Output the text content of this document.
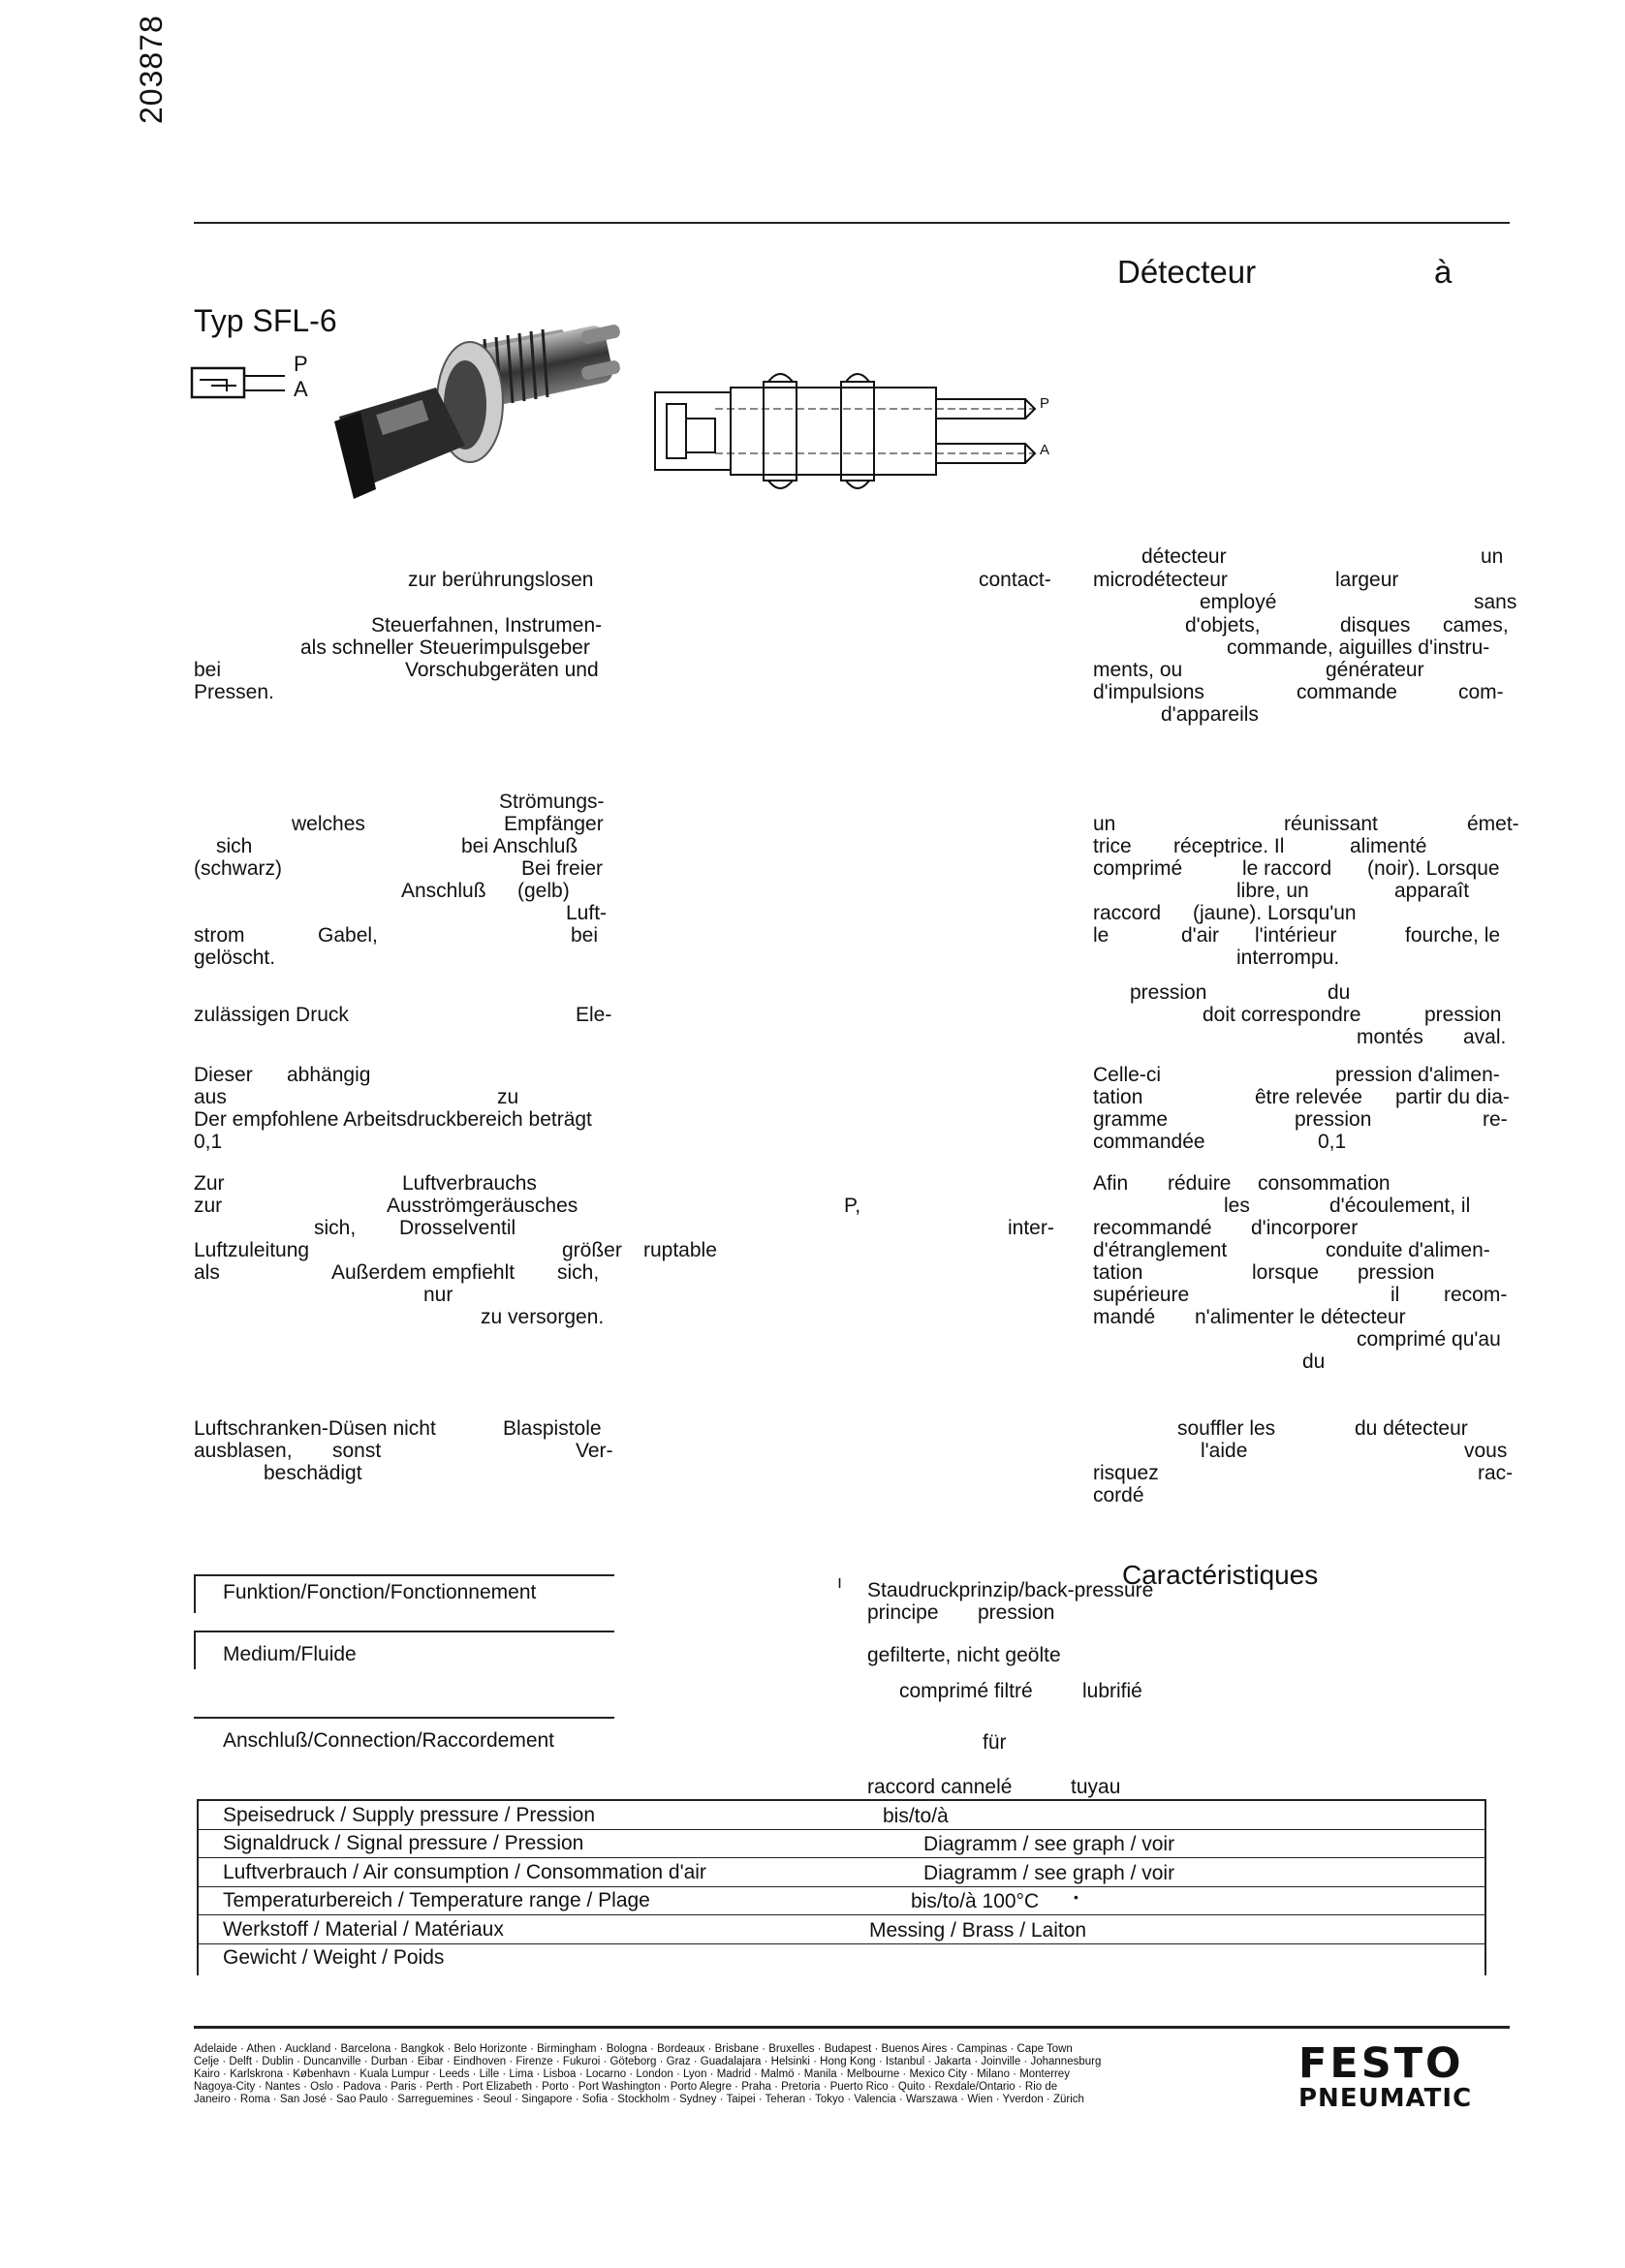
203878
Détecteur	à
Typ SFL-6
P
A
P
A
zur berührungslosen
Steuerfahnen, Instrumen-
als schneller Steuerimpulsgeber
bei	Vorschubgeräten und
Pressen.
contact-
détecteur	un
microdétecteur	largeur
employé	sans
d'objets,	disques cames,
commande, aiguilles d'instru-
ments, ou	générateur
d'impulsions	commande	com-
d'appareils
Strömungs-
welches	Empfänger
sich	bei Anschluß
(schwarz)	Bei freier
Anschluß (gelb)
Luft-
strom	Gabel,	bei
gelöscht.
un	réunissant	émet-
trice réceptrice. Il	alimenté
comprimé	le raccord (noir). Lorsque
libre, un	apparaît
raccord (jaune). Lorsqu'un
le	d'air l'intérieur	fourche, le
interrompu.
zulässigen Druck	Ele-
pression	du
doit correspondre	pression
montés aval.
Dieser abhängig
aus	zu
Der empfohlene Arbeitsdruckbereich beträgt
0,1
Celle-ci	pression d'alimen-
tation	être relevée partir du dia-
gramme	pression	re-
commandée	0,1
Zur	Luftverbrauchs
zur	Ausströmgeräusches
sich, Drosselventil
Luftzuleitung	größer
als	Außerdem empfiehlt sich,
nur
zu versorgen.
P,
inter-
ruptable
Afin réduire consommation
les	d'écoulement, il
recommandé d'incorporer
d'étranglement	conduite d'alimen-
tation	lorsque pression
supérieure	il recom-
mandé n'alimenter le détecteur
comprimé qu'au
du
Luftschranken-Düsen nicht	Blaspistole
ausblasen, sonst	Ver-
beschädigt
souffler les	du détecteur
l'aide	vous
risquez	rac-
cordé
Caractéristiques
ı
Funktion/Fonction/Fonctionnement	Staudruckprinzip/back-pressure
principe pression
Medium/Fluide	gefilterte, nicht geölte
comprimé filtré lubrifié
Anschluß/Connection/Raccordement	für
raccord cannelé	tuyau
Speisedruck / Supply pressure / Pression	bis/to/à
Signaldruck / Signal pressure / Pression	Diagramm / see graph / voir
Luftverbrauch / Air consumption / Consommation d'air	Diagramm / see graph / voir
Temperaturbereich / Temperature range / Plage	bis/to/à 100°C	•
Werkstoff / Material / Matériaux	Messing / Brass / Laiton
Gewicht / Weight / Poids
Adelaide · Athen · Auckland · Barcelona · Bangkok · Belo Horizonte · Birmingham · Bologna · Bordeaux · Brisbane · Bruxelles · Budapest · Buenos Aires · Campinas · Cape Town
Celje · Delft · Dublin · Duncanville · Durban · Eibar · Eindhoven · Firenze · Fukuroi · Göteborg · Graz · Guadalajara · Helsinki · Hong Kong · Istanbul · Jakarta · Joinville · Johannesburg
Kairo · Karlskrona · København · Kuala Lumpur · Leeds · Lille · Lima · Lisboa · Locarno · London · Lyon · Madrid · Malmö · Manila · Melbourne · Mexico City · Milano · Monterrey
Nagoya-City · Nantes · Oslo · Padova · Paris · Perth · Port Elizabeth · Porto · Port Washington · Porto Alegre · Praha · Pretoria · Puerto Rico · Quito · Rexdale/Ontario · Rio de
Janeiro · Roma · San José · Sao Paulo · Sarreguemines · Seoul · Singapore · Sofia · Stockholm · Sydney · Taipei · Teheran · Tokyo · Valencia · Warszawa · Wien · Yverdon · Zürich
FESTO
PNEUMATIC
